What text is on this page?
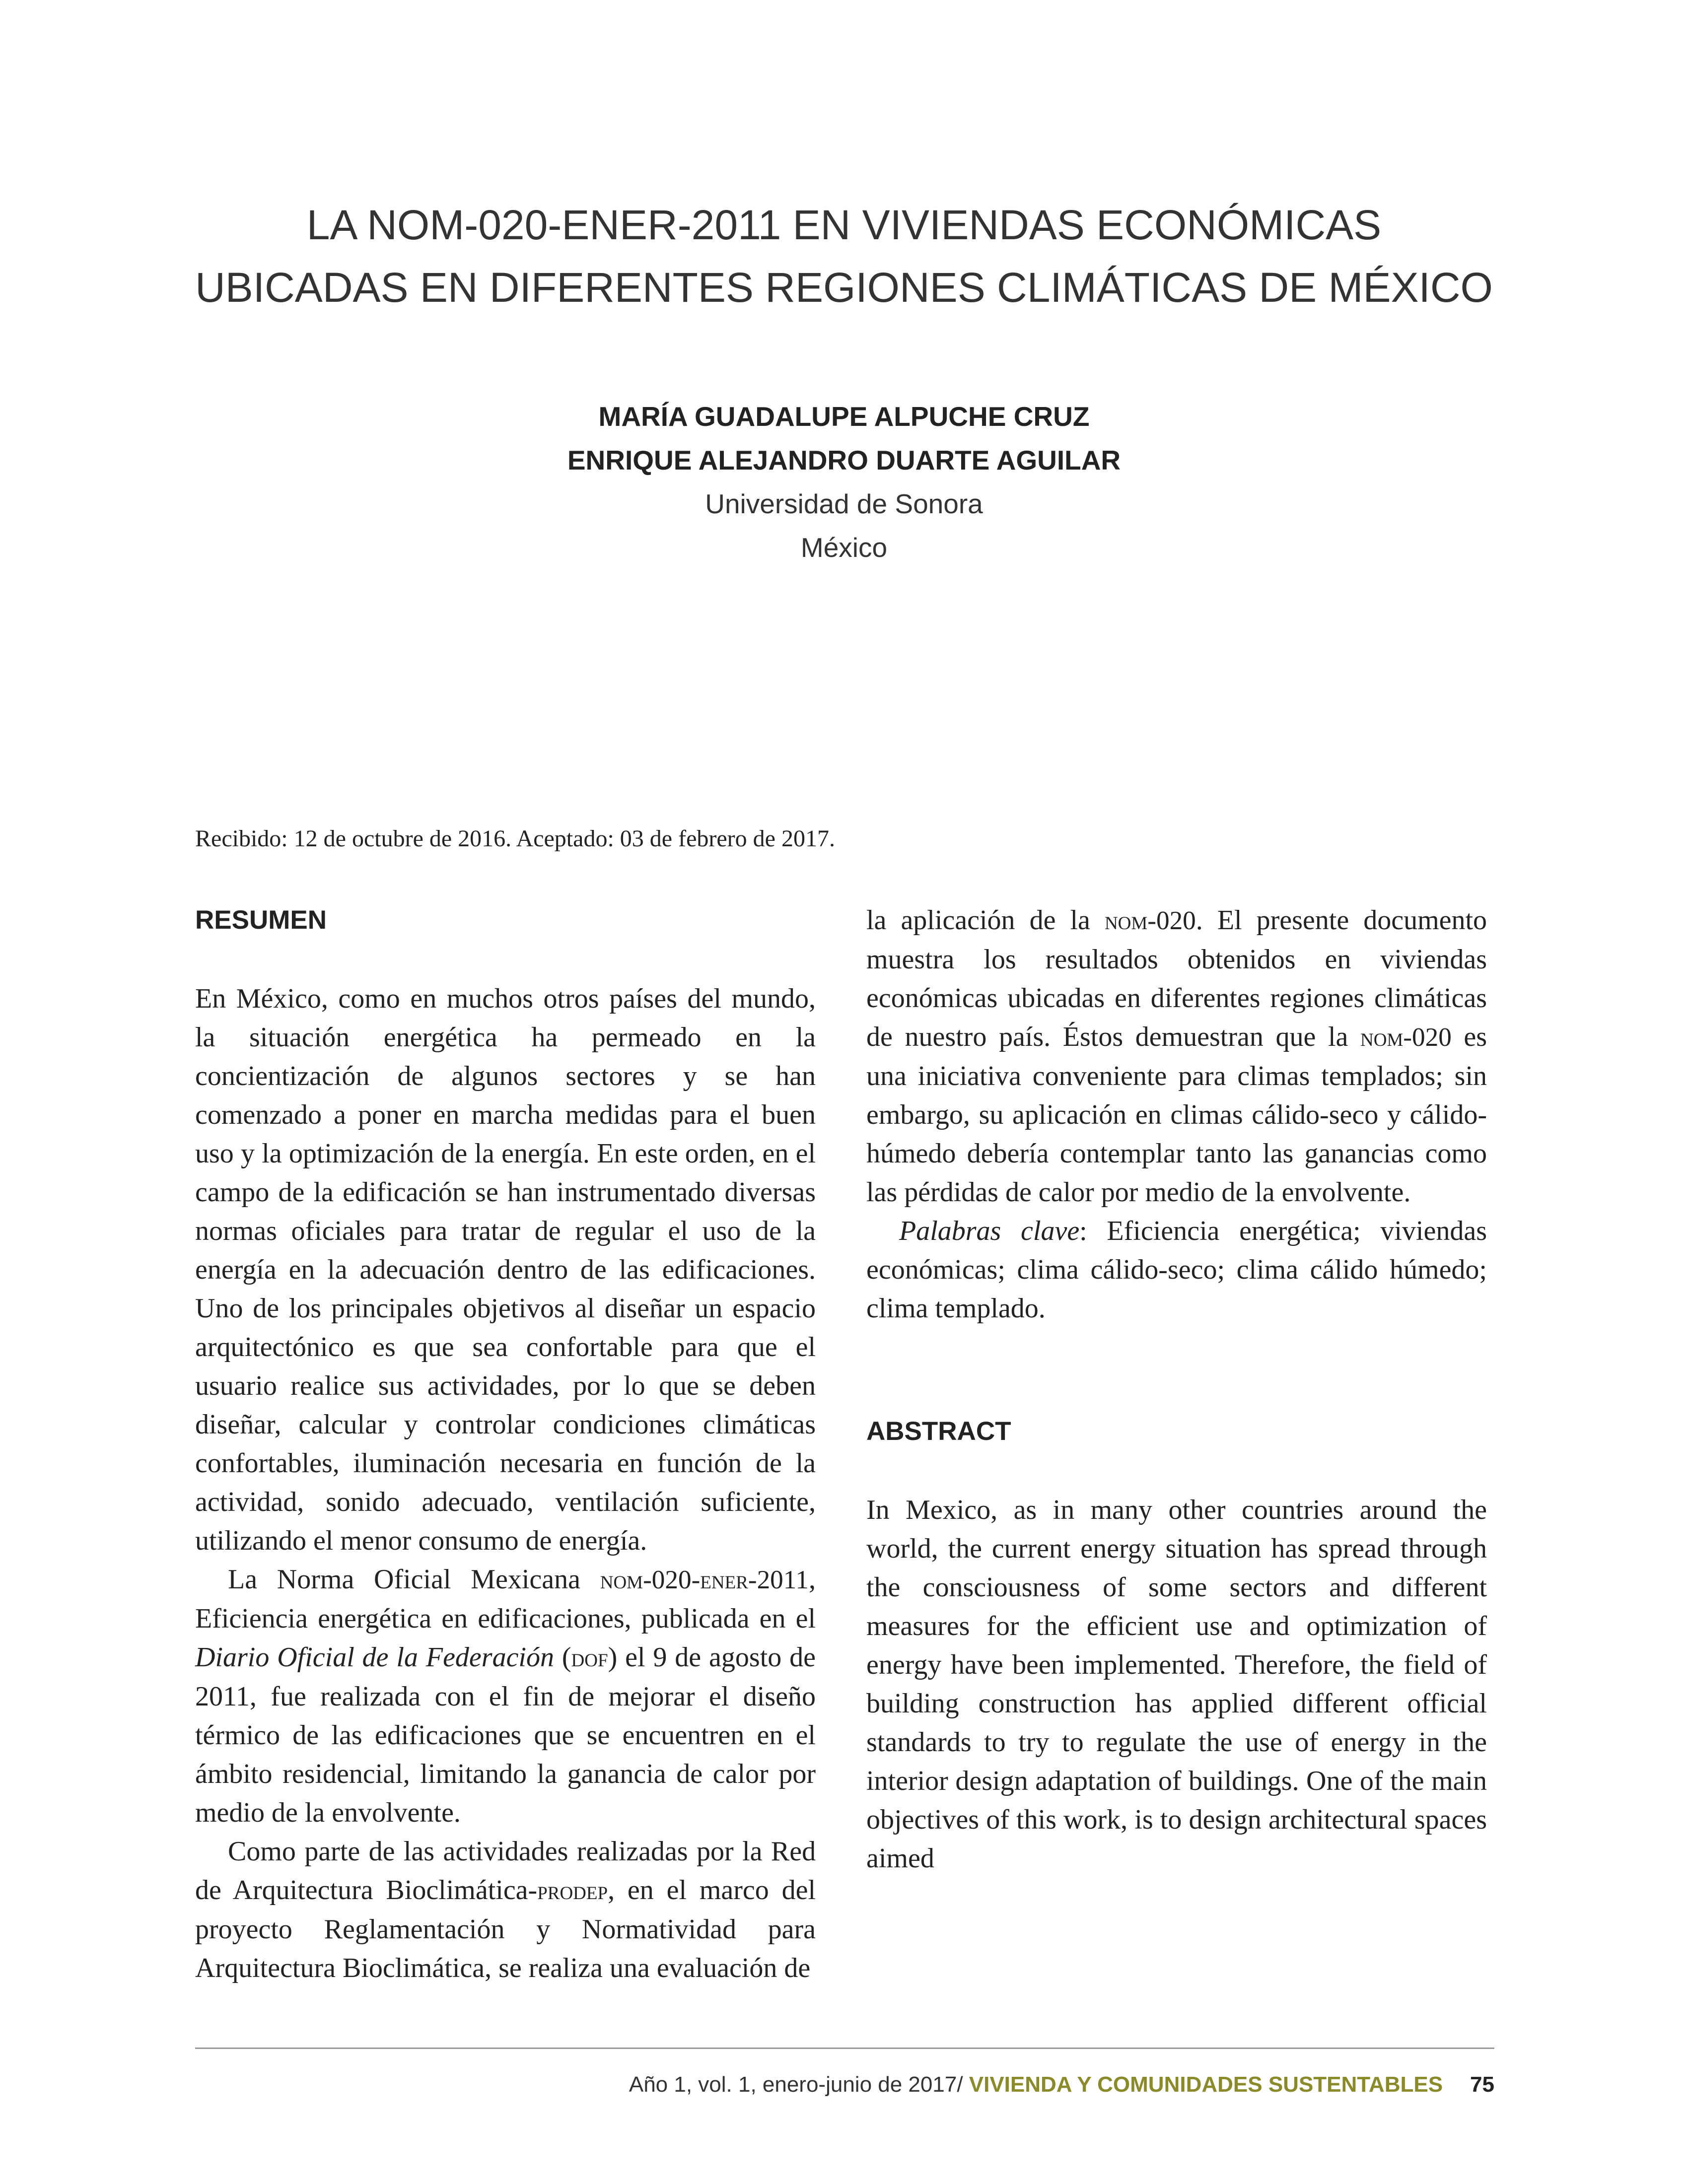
LA NOM-020-ENER-2011 EN VIVIENDAS ECONÓMICAS
UBICADAS EN DIFERENTES REGIONES CLIMÁTICAS DE MÉXICO
MARÍA GUADALUPE ALPUCHE CRUZ
ENRIQUE ALEJANDRO DUARTE AGUILAR
Universidad de Sonora
México
Recibido: 12 de octubre de 2016. Aceptado: 03 de febrero de 2017.
RESUMEN

En México, como en muchos otros países del mundo, la situación energética ha permeado en la concientización de algunos sectores y se han comenzado a poner en marcha medidas para el buen uso y la optimización de la energía. En este orden, en el campo de la edificación se han instrumentado diversas normas oficiales para tratar de regular el uso de la energía en la adecuación dentro de las edificaciones. Uno de los principales objetivos al diseñar un espacio arquitectónico es que sea confortable para que el usuario realice sus actividades, por lo que se deben diseñar, calcular y controlar condiciones climáticas confortables, iluminación necesaria en función de la actividad, sonido adecuado, ventilación suficiente, utilizando el menor consumo de energía.

La Norma Oficial Mexicana nom-020-ener-2011, Eficiencia energética en edificaciones, publicada en el Diario Oficial de la Federación (dof) el 9 de agosto de 2011, fue realizada con el fin de mejorar el diseño térmico de las edificaciones que se encuentren en el ámbito residencial, limitando la ganancia de calor por medio de la envolvente.

Como parte de las actividades realizadas por la Red de Arquitectura Bioclimática-prodep, en el marco del proyecto Reglamentación y Normatividad para Arquitectura Bioclimática, se realiza una evaluación de

la aplicación de la nom-020. El presente documento muestra los resultados obtenidos en viviendas económicas ubicadas en diferentes regiones climáticas de nuestro país. Éstos demuestran que la nom-020 es una iniciativa conveniente para climas templados; sin embargo, su aplicación en climas cálido-seco y cálido-húmedo debería contemplar tanto las ganancias como las pérdidas de calor por medio de la envolvente.

Palabras clave: Eficiencia energética; viviendas económicas; clima cálido-seco; clima cálido húmedo; clima templado.

ABSTRACT

In Mexico, as in many other countries around the world, the current energy situation has spread through the consciousness of some sectors and different measures for the efficient use and optimization of energy have been implemented. Therefore, the field of building construction has applied different official standards to try to regulate the use of energy in the interior design adaptation of buildings. One of the main objectives of this work, is to design architectural spaces aimed

Año 1, vol. 1, enero-junio de 2017/ VIVIENDA Y COMUNIDADES SUSTENTABLES 75
